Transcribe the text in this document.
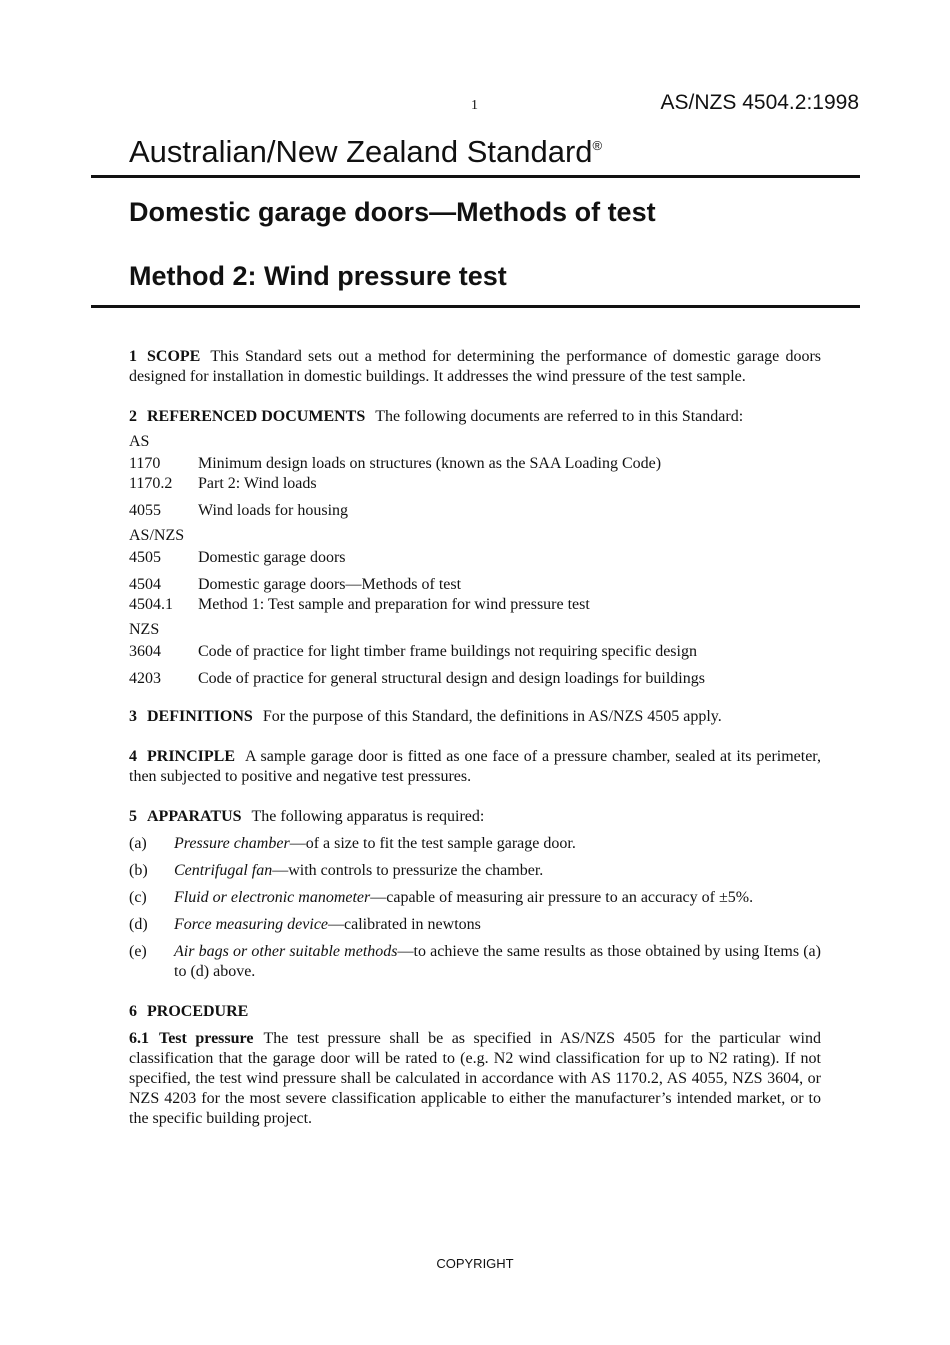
1	AS/NZS 4504.2:1998
Australian/New Zealand Standard®
Domestic garage doors—Methods of test
Method 2: Wind pressure test

1 SCOPE This Standard sets out a method for determining the performance of domestic garage doors designed for installation in domestic buildings. It addresses the wind pressure of the test sample.

2 REFERENCED DOCUMENTS The following documents are referred to in this Standard:
AS
1170	Minimum design loads on structures (known as the SAA Loading Code)
1170.2	Part 2: Wind loads
4055	Wind loads for housing
AS/NZS
4505	Domestic garage doors
4504	Domestic garage doors—Methods of test
4504.1	Method 1: Test sample and preparation for wind pressure test
NZS
3604	Code of practice for light timber frame buildings not requiring specific design
4203	Code of practice for general structural design and design loadings for buildings

3 DEFINITIONS For the purpose of this Standard, the definitions in AS/NZS 4505 apply.

4 PRINCIPLE A sample garage door is fitted as one face of a pressure chamber, sealed at its perimeter, then subjected to positive and negative test pressures.

5 APPARATUS The following apparatus is required:
(a)	Pressure chamber—of a size to fit the test sample garage door.
(b)	Centrifugal fan—with controls to pressurize the chamber.
(c)	Fluid or electronic manometer—capable of measuring air pressure to an accuracy of ±5%.
(d)	Force measuring device—calibrated in newtons
(e)	Air bags or other suitable methods—to achieve the same results as those obtained by using Items (a) to (d) above.
6 PROCEDURE
6.1 Test pressure The test pressure shall be as specified in AS/NZS 4505 for the particular wind classification that the garage door will be rated to (e.g. N2 wind classification for up to N2 rating). If not specified, the test wind pressure shall be calculated in accordance with AS 1170.2, AS 4055, NZS 3604, or NZS 4203 for the most severe classification applicable to either the manufacturer’s intended market, or to the specific building project.
COPYRIGHT
